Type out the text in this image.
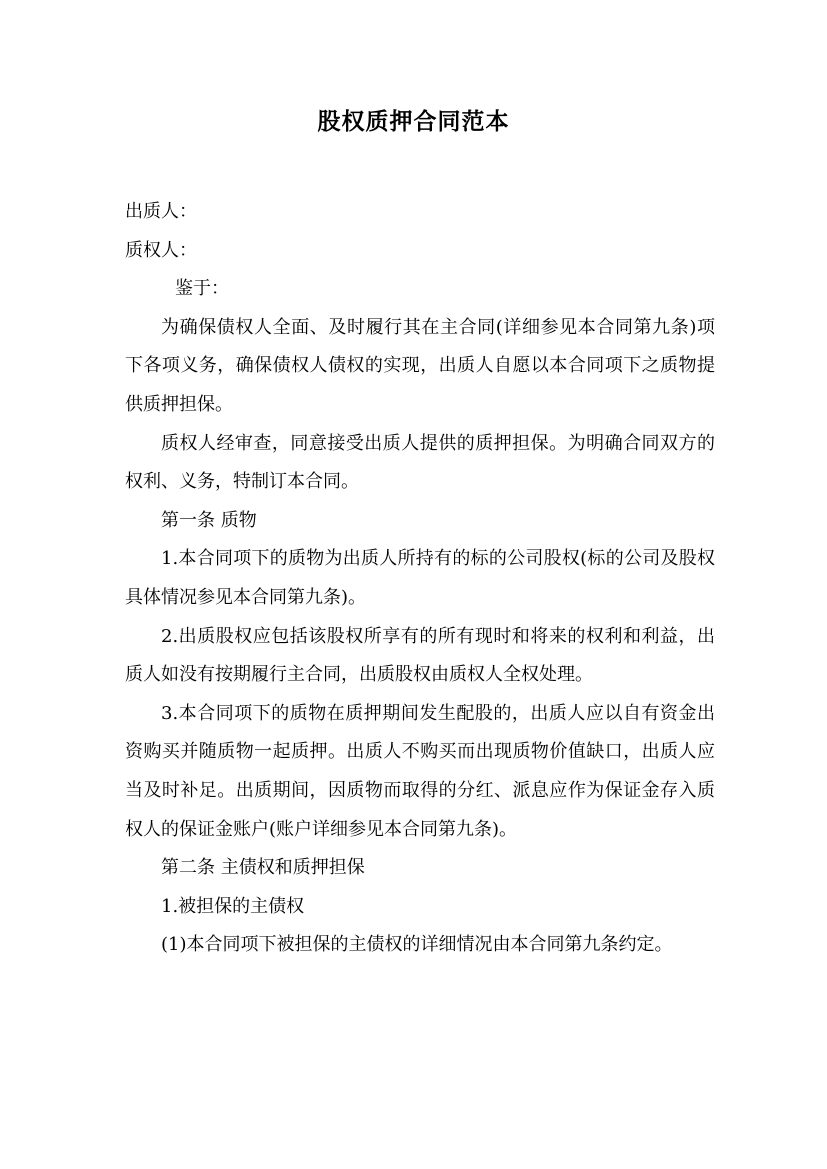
股权质押合同范本

出质人：

质权人：

鉴于：

为确保债权人全面、及时履行其在主合同(详细参见本合同第九条)项下各项义务，确保债权人债权的实现，出质人自愿以本合同项下之质物提供质押担保。

质权人经审查，同意接受出质人提供的质押担保。为明确合同双方的权利、义务，特制订本合同。

第一条 质物

1.本合同项下的质物为出质人所持有的标的公司股权(标的公司及股权具体情况参见本合同第九条)。

2.出质股权应包括该股权所享有的所有现时和将来的权利和利益，出质人如没有按期履行主合同，出质股权由质权人全权处理。

3.本合同项下的质物在质押期间发生配股的，出质人应以自有资金出资购买并随质物一起质押。出质人不购买而出现质物价值缺口，出质人应当及时补足。出质期间，因质物而取得的分红、派息应作为保证金存入质权人的保证金账户(账户详细参见本合同第九条)。

第二条 主债权和质押担保

1.被担保的主债权

(1)本合同项下被担保的主债权的详细情况由本合同第九条约定。
